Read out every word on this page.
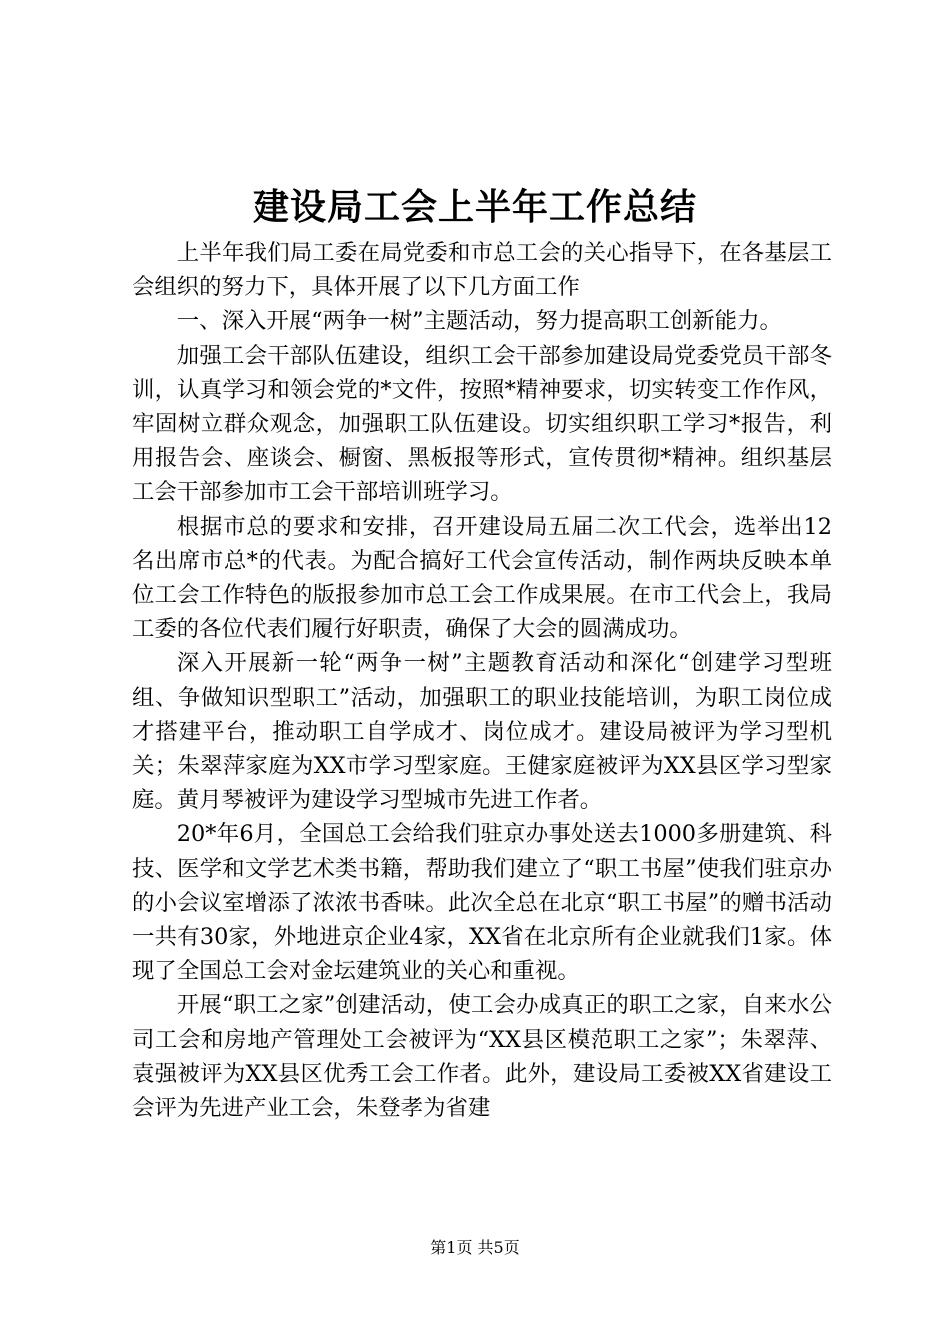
建设局工会上半年工作总结

上半年我们局工委在局党委和市总工会的关心指导下，在各基层工会组织的努力下，具体开展了以下几方面工作

一、深入开展“两争一树”主题活动，努力提高职工创新能力。

加强工会干部队伍建设，组织工会干部参加建设局党委党员干部冬训，认真学习和领会党的*文件，按照*精神要求，切实转变工作作风，牢固树立群众观念，加强职工队伍建设。切实组织职工学习*报告，利用报告会、座谈会、橱窗、黑板报等形式，宣传贯彻*精神。组织基层工会干部参加市工会干部培训班学习。

根据市总的要求和安排，召开建设局五届二次工代会，选举出12名出席市总*的代表。为配合搞好工代会宣传活动，制作两块反映本单位工会工作特色的版报参加市总工会工作成果展。在市工代会上，我局工委的各位代表们履行好职责，确保了大会的圆满成功。

深入开展新一轮“两争一树”主题教育活动和深化“创建学习型班组、争做知识型职工”活动，加强职工的职业技能培训，为职工岗位成才搭建平台，推动职工自学成才、岗位成才。建设局被评为学习型机关；朱翠萍家庭为XX市学习型家庭。王健家庭被评为XX县区学习型家庭。黄月琴被评为建设学习型城市先进工作者。

20*年6月，全国总工会给我们驻京办事处送去1000多册建筑、科技、医学和文学艺术类书籍，帮助我们建立了“职工书屋”使我们驻京办的小会议室增添了浓浓书香味。此次全总在北京“职工书屋”的赠书活动一共有30家，外地进京企业4家，XX省在北京所有企业就我们1家。体现了全国总工会对金坛建筑业的关心和重视。

开展“职工之家”创建活动，使工会办成真正的职工之家，自来水公司工会和房地产管理处工会被评为“XX县区模范职工之家”；朱翠萍、袁强被评为XX县区优秀工会工作者。此外，建设局工委被XX省建设工会评为先进产业工会，朱登孝为省建

第1页 共5页
